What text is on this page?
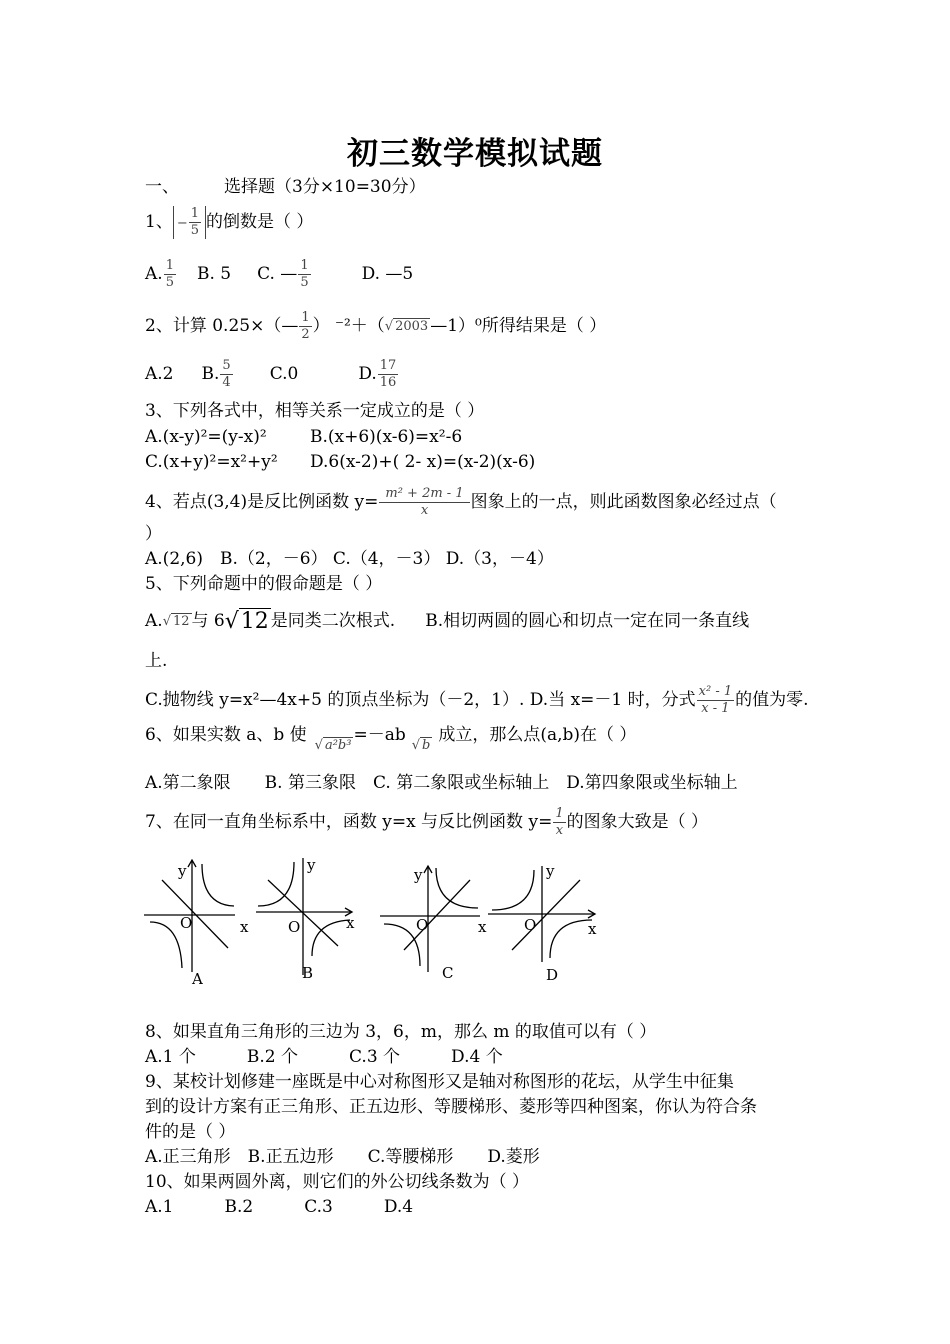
初三数学模拟试题
一、	选择题（3分×10=30分）
1、 − $\frac{1}{5}$ 的倒数是（ ）
A. $\frac{1}{5} B$. 5 C. — $\frac{1}{5}$	D. —5
2、计算 0.25×（— $\frac{1}{2}$ ） ⁻²＋（√ 2003 —1）⁰所得结果是（ ）
A.2 B. $\frac{5}{4} C.0$	D. $\frac{17}{16}$
3、下列各式中，相等关系一定成立的是（ ）
A.(x-y)²=(y-x)²	B.(x+6)(x-6)=x²-6
C.(x+y)²=x²+y² D.6(x-2)+( 2- x)=(x-2)(x-6)
4、若点(3,4)是反比例函数 $y= \frac{\text{m² + 2m - 1}}{x}$ 图象上的一点，则此函数图象必经过点（
）
A.(2,6)　B.（2，－6） C.（4，－3） D.（3，－4）
5、下列命题中的假命题是（ ）
A.√ 12 与 6√12 是同类二次根式. B.相切两圆的圆心和切点一定在同一条直线
上.
C.抛物线 y=x²—4x+5 的顶点坐标为（－2，1）. D.当 x=－1 时，分式 $\frac{\text{x² - 1}}{x - 1}$ 的值为零.
6、如果实数 a、b 使 √ a²b³ =－ab √ b 成立，那么点(a,b)在（ ）
A.第二象限　　B. 第三象限　C. 第二象限或坐标轴上　D.第四象限或坐标轴上
7、在同一直角坐标系中，函数 y=x 与反比例函数 $y= \frac{1}{x}$ 的图象大致是（ ）
y
x
O
A
y
x
O
B
y
x
O
C
y
x
O
D
8、如果直角三角形的三边为 3，6，m，那么 m 的取值可以有（ ）
A.1 个　　　B.2 个　　　C.3 个　　　D.4 个
9、某校计划修建一座既是中心对称图形又是轴对称图形的花坛，从学生中征集
到的设计方案有正三角形、正五边形、等腰梯形、菱形等四种图案，你认为符合条
件的是（ ）
A.正三角形　B.正五边形　　C.等腰梯形　　D.菱形
10、如果两圆外离，则它们的外公切线条数为（ ）
A.1　　　B.2　　　C.3　　　D.4
